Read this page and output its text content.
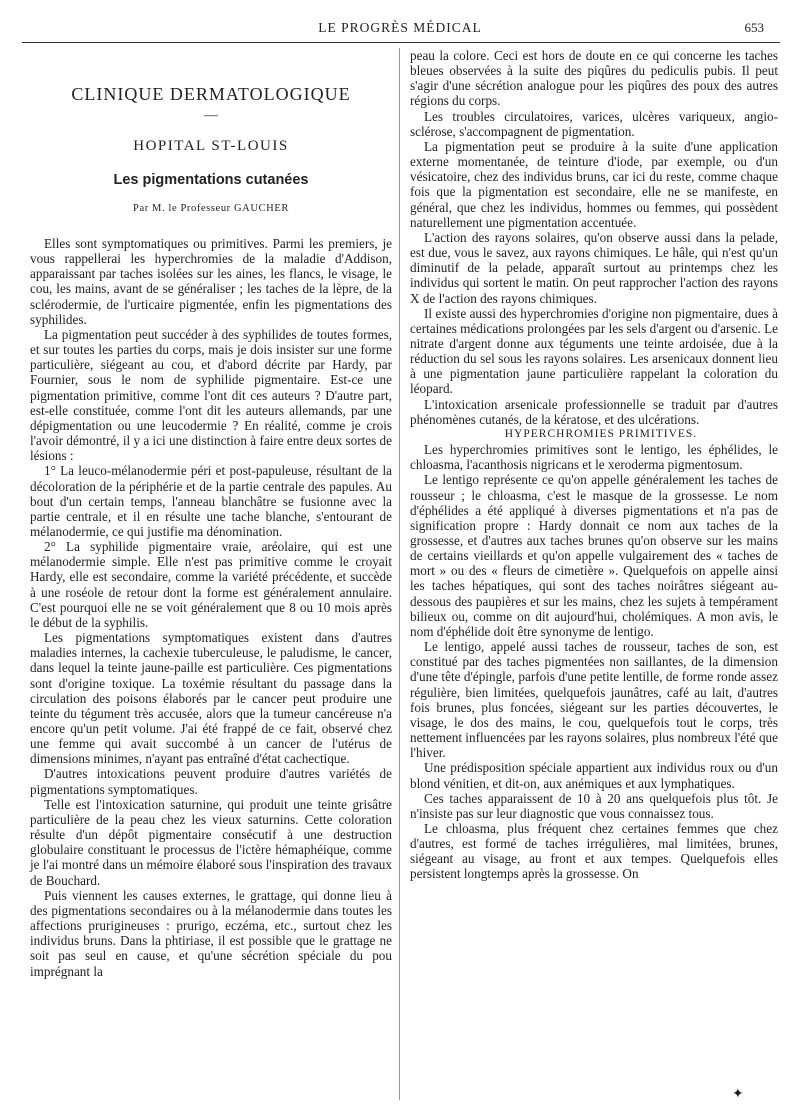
LE PROGRÈS MÉDICAL	653
CLINIQUE DERMATOLOGIQUE
—
HOPITAL ST-LOUIS
Les pigmentations cutanées
Par M. le Professeur GAUCHER

Elles sont symptomatiques ou primitives. Parmi les premiers, je vous rappellerai les hyperchromies de la maladie d'Addison, apparaissant par taches isolées sur les aines, les flancs, le visage, le cou, les mains, avant de se généraliser ; les taches de la lèpre, de la sclérodermie, de l'urticaire pigmentée, enfin les pigmentations des syphilides.

La pigmentation peut succéder à des syphilides de toutes formes, et sur toutes les parties du corps, mais je dois insister sur une forme particulière, siégeant au cou, et d'abord décrite par Hardy, par Fournier, sous le nom de syphilide pigmentaire. Est-ce une pigmentation primitive, comme l'ont dit ces auteurs ? D'autre part, est-elle constituée, comme l'ont dit les auteurs allemands, par une dépigmentation ou une leucodermie ? En réalité, comme je crois l'avoir démontré, il y a ici une distinction à faire entre deux sortes de lésions :

1° La leuco-mélanodermie péri et post-papuleuse, résultant de la décoloration de la périphérie et de la partie centrale des papules. Au bout d'un certain temps, l'anneau blanchâtre se fusionne avec la partie centrale, et il en résulte une tache blanche, s'entourant de mélanodermie, ce qui justifie ma dénomination.

2° La syphilide pigmentaire vraie, aréolaire, qui est une mélanodermie simple. Elle n'est pas primitive comme le croyait Hardy, elle est secondaire, comme la variété précédente, et succède à une roséole de retour dont la forme est généralement annulaire. C'est pourquoi elle ne se voit généralement que 8 ou 10 mois après le début de la syphilis.

Les pigmentations symptomatiques existent dans d'autres maladies internes, la cachexie tuberculeuse, le paludisme, le cancer, dans lequel la teinte jaune-paille est particulière. Ces pigmentations sont d'origine toxique. La toxémie résultant du passage dans la circulation des poisons élaborés par le cancer peut produire une teinte du tégument très accusée, alors que la tumeur cancéreuse n'a encore qu'un petit volume. J'ai été frappé de ce fait, observé chez une femme qui avait succombé à un cancer de l'utérus de dimensions minimes, n'ayant pas entraîné d'état cachectique.

D'autres intoxications peuvent produire d'autres variétés de pigmentations symptomatiques.

Telle est l'intoxication saturnine, qui produit une teinte grisâtre particulière de la peau chez les vieux saturnins. Cette coloration résulte d'un dépôt pigmentaire consécutif à une destruction globulaire constituant le processus de l'ictère hémaphéique, comme je l'ai montré dans un mémoire élaboré sous l'inspiration des travaux de Bouchard.

Puis viennent les causes externes, le grattage, qui donne lieu à des pigmentations secondaires ou à la mélanodermie dans toutes les affections prurigineuses : prurigo, eczéma, etc., surtout chez les individus bruns. Dans la phtiriase, il est possible que le grattage ne soit pas seul en cause, et qu'une sécrétion spéciale du pou imprégnant la

peau la colore. Ceci est hors de doute en ce qui concerne les taches bleues observées à la suite des piqûres du pediculis pubis. Il peut s'agir d'une sécrétion analogue pour les piqûres des poux des autres régions du corps.

Les troubles circulatoires, varices, ulcères variqueux, angio-sclérose, s'accompagnent de pigmentation.

La pigmentation peut se produire à la suite d'une application externe momentanée, de teinture d'iode, par exemple, ou d'un vésicatoire, chez des individus bruns, car ici du reste, comme chaque fois que la pigmentation est secondaire, elle ne se manifeste, en général, que chez les individus, hommes ou femmes, qui possèdent naturellement une pigmentation accentuée.

L'action des rayons solaires, qu'on observe aussi dans la pelade, est due, vous le savez, aux rayons chimiques. Le hâle, qui n'est qu'un diminutif de la pelade, apparaît surtout au printemps chez les individus qui sortent le matin. On peut rapprocher l'action des rayons X de l'action des rayons chimiques.

Il existe aussi des hyperchromies d'origine non pigmentaire, dues à certaines médications prolongées par les sels d'argent ou d'arsenic. Le nitrate d'argent donne aux téguments une teinte ardoisée, due à la réduction du sel sous les rayons solaires. Les arsenicaux donnent lieu à une pigmentation jaune particulière rappelant la coloration du léopard.

L'intoxication arsenicale professionnelle se traduit par d'autres phénomènes cutanés, de la kératose, et des ulcérations.

HYPERCHROMIES PRIMITIVES.

Les hyperchromies primitives sont le lentigo, les éphélides, le chloasma, l'acanthosis nigricans et le xeroderma pigmentosum.

Le lentigo représente ce qu'on appelle généralement les taches de rousseur ; le chloasma, c'est le masque de la grossesse. Le nom d'éphélides a été appliqué à diverses pigmentations et n'a pas de signification propre : Hardy donnait ce nom aux taches de la grossesse, et d'autres aux taches brunes qu'on observe sur les mains de certains vieillards et qu'on appelle vulgairement des « taches de mort » ou des « fleurs de cimetière ». Quelquefois on appelle ainsi les taches hépatiques, qui sont des taches noirâtres siégeant au-dessous des paupières et sur les mains, chez les sujets à tempérament bilieux ou, comme on dit aujourd'hui, cholémiques. A mon avis, le nom d'éphélide doit être synonyme de lentigo.

Le lentigo, appelé aussi taches de rousseur, taches de son, est constitué par des taches pigmentées non saillantes, de la dimension d'une tête d'épingle, parfois d'une petite lentille, de forme ronde assez régulière, bien limitées, quelquefois jaunâtres, café au lait, d'autres fois brunes, plus foncées, siégeant sur les parties découvertes, le visage, le dos des mains, le cou, quelquefois tout le corps, très nettement influencées par les rayons solaires, plus nombreux l'été que l'hiver.

Une prédisposition spéciale appartient aux individus roux ou d'un blond vénitien, et dit-on, aux anémiques et aux lymphatiques.

Ces taches apparaissent de 10 à 20 ans quelquefois plus tôt. Je n'insiste pas sur leur diagnostic que vous connaissez tous.

Le chloasma, plus fréquent chez certaines femmes que chez d'autres, est formé de taches irrégulières, mal limitées, brunes, siégeant au visage, au front et aux tempes. Quelquefois elles persistent longtemps après la grossesse. On

✦
